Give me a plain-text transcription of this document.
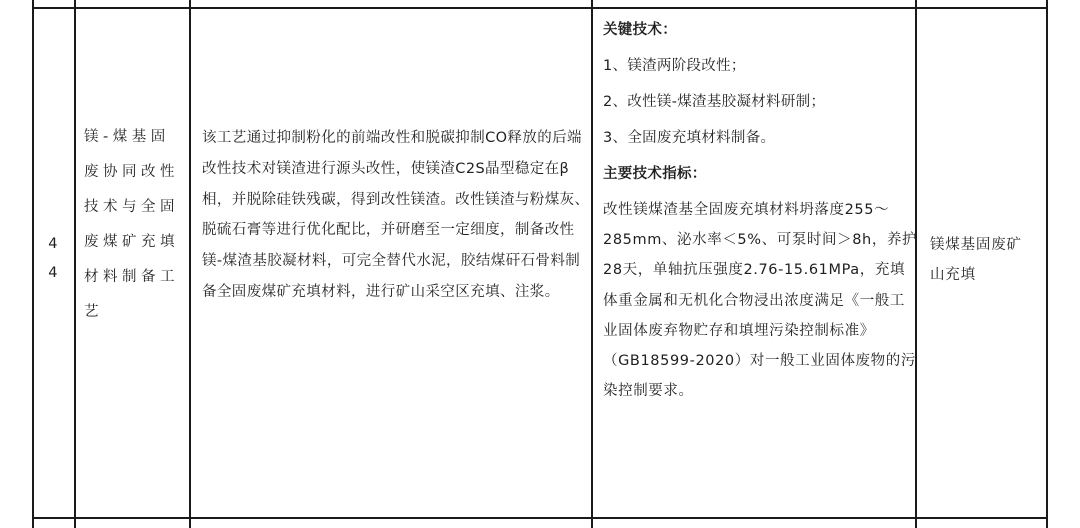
4
4
镁-煤基固废协同改性技术与全固废煤矿充填材料制备工艺
该工艺通过抑制粉化的前端改性和脱碳抑制CO释放的后端改性技术对镁渣进行源头改性，使镁渣C2S晶型稳定在β相，并脱除硅铁残碳，得到改性镁渣。改性镁渣与粉煤灰、脱硫石膏等进行优化配比，并研磨至一定细度，制备改性镁-煤渣基胶凝材料，可完全替代水泥，胶结煤矸石骨料制备全固废煤矿充填材料，进行矿山采空区充填、注浆。

关键技术：

1、镁渣两阶段改性；

2、改性镁-煤渣基胶凝材料研制；

3、全固废充填材料制备。

主要技术指标：

改性镁煤渣基全固废充填材料坍落度255～285mm、泌水率＜5%、可泵时间＞8h，养护28天，单轴抗压强度2.76-15.61MPa，充填体重金属和无机化合物浸出浓度满足《一般工业固体废弃物贮存和填埋污染控制标准》（GB18599-2020）对一般工业固体废物的污染控制要求。

镁煤基固废矿山充填
